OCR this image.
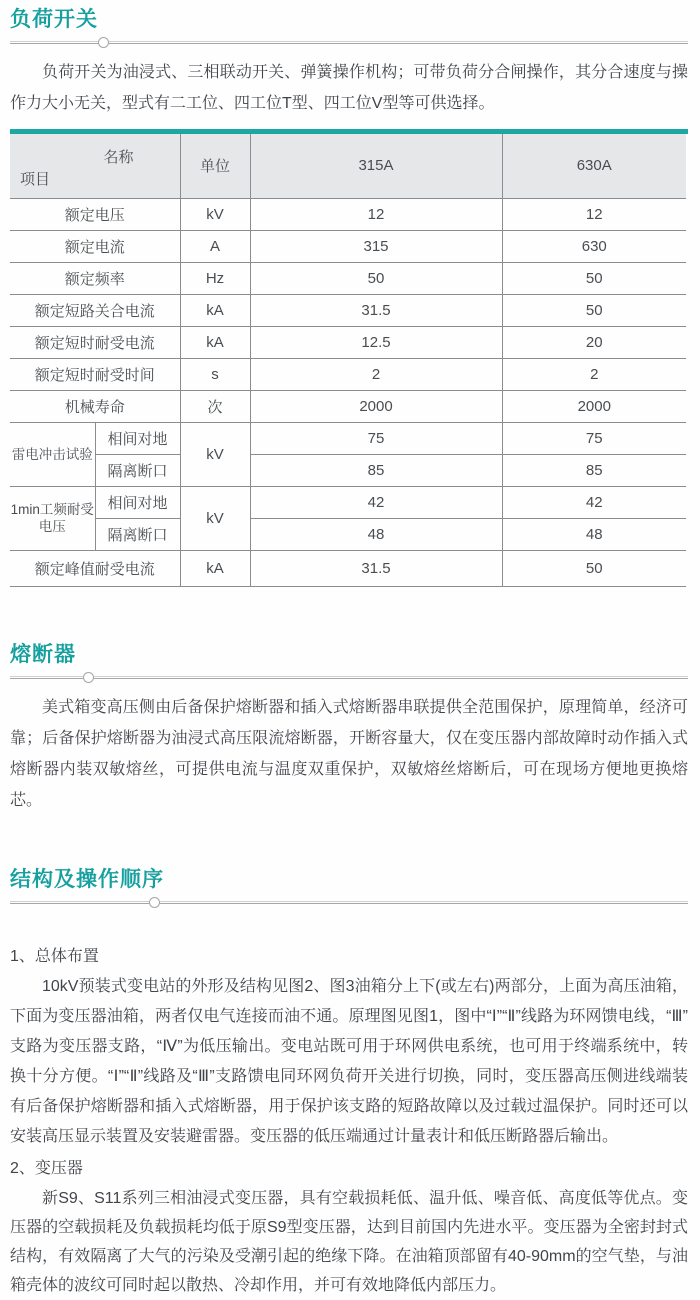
负荷开关

负荷开关为油浸式、三相联动开关、弹簧操作机构；可带负荷分合闸操作，其分合速度与操作力大小无关，型式有二工位、四工位T型、四工位V型等可供选择。

名称
项目		单位	315A	630A
额定电压		kV	12	12
额定电流		A	315	630
额定频率		Hz	50	50
额定短路关合电流		kA	31.5	50
额定短时耐受电流		kA	12.5	20
额定短时耐受时间		s	2	2
机械寿命		次	2000	2000
雷电冲击试验	相间对地	kV	75	75
	隔离断口		85	85
1min工频耐受电压	相间对地	kV	42	42
	隔离断口		48	48
额定峰值耐受电流		kA	31.5	50
熔断器

美式箱变高压侧由后备保护熔断器和插入式熔断器串联提供全范围保护，原理简单，经济可靠；后备保护熔断器为油浸式高压限流熔断器，开断容量大，仅在变压器内部故障时动作插入式熔断器内装双敏熔丝，可提供电流与温度双重保护，双敏熔丝熔断后，可在现场方便地更换熔芯。

结构及操作顺序
1、总体布置

10kV预装式变电站的外形及结构见图2、图3油箱分上下(或左右)两部分，上面为高压油箱，下面为变压器油箱，两者仅电气连接而油不通。原理图见图1，图中“Ⅰ”“Ⅱ”线路为环网馈电线，“Ⅲ”支路为变压器支路，“Ⅳ”为低压输出。变电站既可用于环网供电系统，也可用于终端系统中，转换十分方便。“Ⅰ”“Ⅱ”线路及“Ⅲ”支路馈电同环网负荷开关进行切换，同时，变压器高压侧进线端装有后备保护熔断器和插入式熔断器，用于保护该支路的短路故障以及过载过温保护。同时还可以安装高压显示装置及安装避雷器。变压器的低压端通过计量表计和低压断路器后输出。

2、变压器

新S9、S11系列三相油浸式变压器，具有空载损耗低、温升低、噪音低、高度低等优点。变压器的空载损耗及负载损耗均低于原S9型变压器，达到目前国内先进水平。变压器为全密封封式结构，有效隔离了大气的污染及受潮引起的绝缘下降。在油箱顶部留有40-90mm的空气垫，与油箱壳体的波纹可同时起以散热、冷却作用，并可有效地降低内部压力。
